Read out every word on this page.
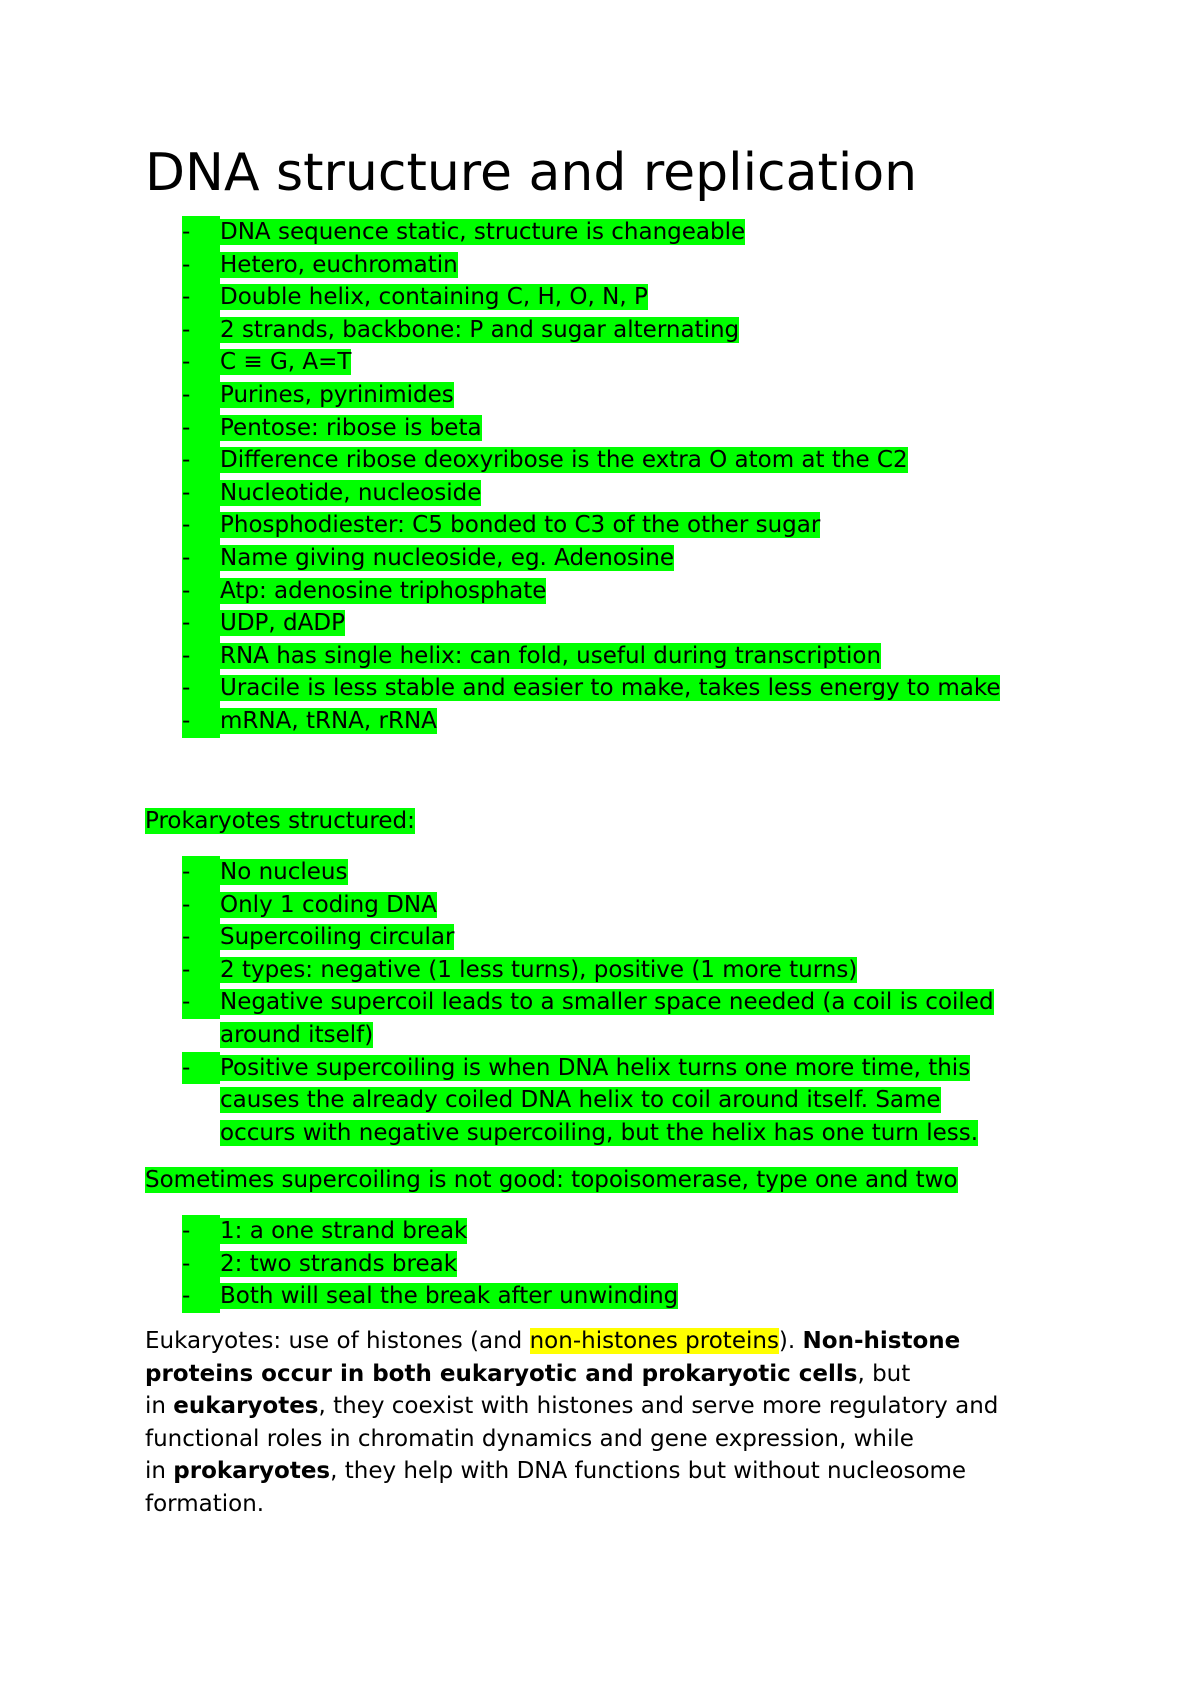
DNA structure and replication
-	DNA sequence static, structure is changeable
-	Hetero, euchromatin
-	Double helix, containing C, H, O, N, P
-	2 strands, backbone: P and sugar alternating
-	C ≡ G, A=T
-	Purines, pyrinimides
-	Pentose: ribose is beta
-	Difference ribose deoxyribose is the extra O atom at the C2
-	Nucleotide, nucleoside
-	Phosphodiester: C5 bonded to C3 of the other sugar
-	Name giving nucleoside, eg. Adenosine
-	Atp: adenosine triphosphate
-	UDP, dADP
-	RNA has single helix: can fold, useful during transcription
-	Uracile is less stable and easier to make, takes less energy to make
-	mRNA, tRNA, rRNA

Prokaryotes structured:

-	No nucleus
-	Only 1 coding DNA
-	Supercoiling circular
-	2 types: negative (1 less turns), positive (1 more turns)
-	Negative supercoil leads to a smaller space needed (a coil is coiled
around itself)
-	Positive supercoiling is when DNA helix turns one more time, this
causes the already coiled DNA helix to coil around itself. Same
occurs with negative supercoiling, but the helix has one turn less.

Sometimes supercoiling is not good: topoisomerase, type one and two

-	1: a one strand break
-	2: two strands break
-	Both will seal the break after unwinding

Eukaryotes: use of histones (and non-histones proteins). Non-histone
proteins occur in both eukaryotic and prokaryotic cells, but
in eukaryotes, they coexist with histones and serve more regulatory and
functional roles in chromatin dynamics and gene expression, while
in prokaryotes, they help with DNA functions but without nucleosome
formation.
